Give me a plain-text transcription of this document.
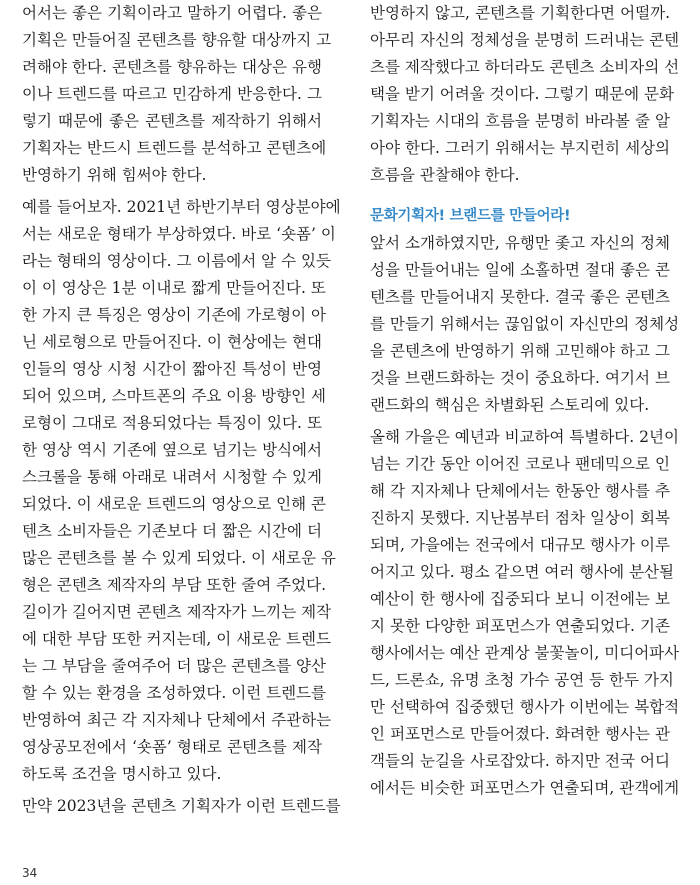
어서는 좋은 기획이라고 말하기 어렵다. 좋은
기획은 만들어질 콘텐츠를 향유할 대상까지 고
려해야 한다. 콘텐츠를 향유하는 대상은 유행
이나 트렌드를 따르고 민감하게 반응한다. 그
렇기 때문에 좋은 콘텐츠를 제작하기 위해서
기획자는 반드시 트렌드를 분석하고 콘텐츠에
반영하기 위해 힘써야 한다.
예를 들어보자. 2021년 하반기부터 영상분야에
서는 새로운 형태가 부상하였다. 바로 ‘숏폼’ 이
라는 형태의 영상이다. 그 이름에서 알 수 있듯
이 이 영상은 1분 이내로 짧게 만들어진다. 또
한 가지 큰 특징은 영상이 기존에 가로형이 아
닌 세로형으로 만들어진다. 이 현상에는 현대
인들의 영상 시청 시간이 짧아진 특성이 반영
되어 있으며, 스마트폰의 주요 이용 방향인 세
로형이 그대로 적용되었다는 특징이 있다. 또
한 영상 역시 기존에 옆으로 넘기는 방식에서
스크롤을 통해 아래로 내려서 시청할 수 있게
되었다. 이 새로운 트렌드의 영상으로 인해 콘
텐츠 소비자들은 기존보다 더 짧은 시간에 더
많은 콘텐츠를 볼 수 있게 되었다. 이 새로운 유
형은 콘텐츠 제작자의 부담 또한 줄여 주었다.
길이가 길어지면 콘텐츠 제작자가 느끼는 제작
에 대한 부담 또한 커지는데, 이 새로운 트렌드
는 그 부담을 줄여주어 더 많은 콘텐츠를 양산
할 수 있는 환경을 조성하였다. 이런 트렌드를
반영하여 최근 각 지자체나 단체에서 주관하는
영상공모전에서 ‘숏폼’ 형태로 콘텐츠를 제작
하도록 조건을 명시하고 있다.
만약 2023년을 콘텐츠 기획자가 이런 트렌드를
반영하지 않고, 콘텐츠를 기획한다면 어떨까.
아무리 자신의 정체성을 분명히 드러내는 콘텐
츠를 제작했다고 하더라도 콘텐츠 소비자의 선
택을 받기 어려울 것이다. 그렇기 때문에 문화
기획자는 시대의 흐름을 분명히 바라볼 줄 알
아야 한다. 그러기 위해서는 부지런히 세상의
흐름을 관찰해야 한다.
문화기획자! 브랜드를 만들어라!
앞서 소개하였지만, 유행만 좇고 자신의 정체
성을 만들어내는 일에 소홀하면 절대 좋은 콘
텐츠를 만들어내지 못한다. 결국 좋은 콘텐츠
를 만들기 위해서는 끊임없이 자신만의 정체성
을 콘텐츠에 반영하기 위해 고민해야 하고 그
것을 브랜드화하는 것이 중요하다. 여기서 브
랜드화의 핵심은 차별화된 스토리에 있다.
올해 가을은 예년과 비교하여 특별하다. 2년이
넘는 기간 동안 이어진 코로나 팬데믹으로 인
해 각 지자체나 단체에서는 한동안 행사를 추
진하지 못했다. 지난봄부터 점차 일상이 회복
되며, 가을에는 전국에서 대규모 행사가 이루
어지고 있다. 평소 같으면 여러 행사에 분산될
예산이 한 행사에 집중되다 보니 이전에는 보
지 못한 다양한 퍼포먼스가 연출되었다. 기존
행사에서는 예산 관계상 불꽃놀이, 미디어파사
드, 드론쇼, 유명 초청 가수 공연 등 한두 가지
만 선택하여 집중했던 행사가 이번에는 복합적
인 퍼포먼스로 만들어졌다. 화려한 행사는 관
객들의 눈길을 사로잡았다. 하지만 전국 어디
에서든 비슷한 퍼포먼스가 연출되며, 관객에게
34
